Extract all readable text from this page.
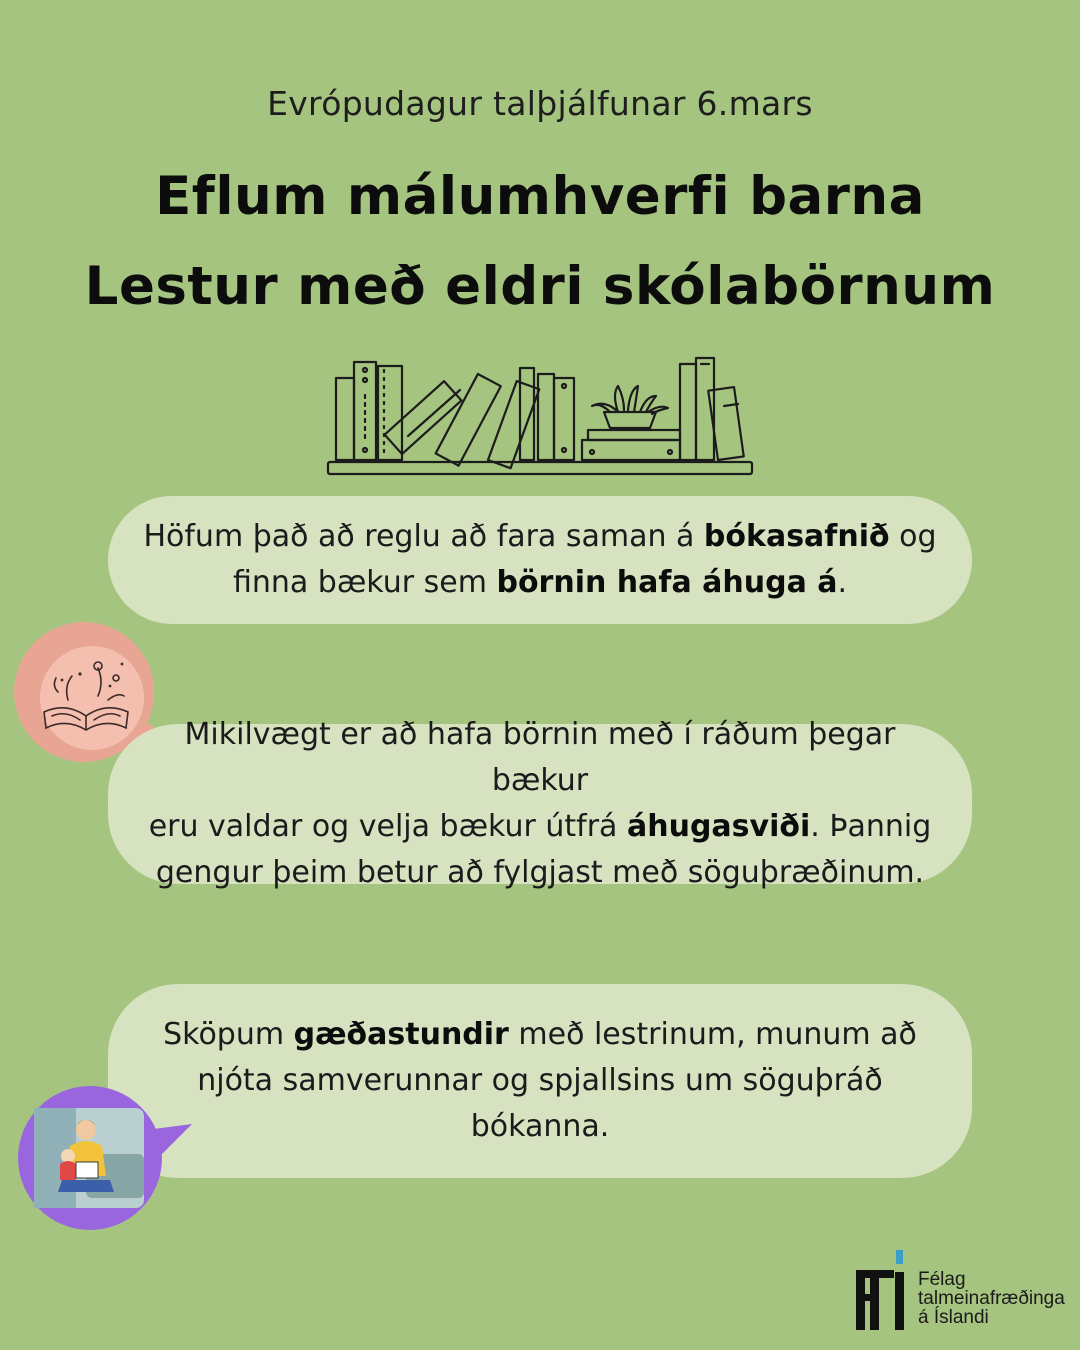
Evrópudagur talþjálfunar 6.mars
Eflum málumhverfi barna
Lestur með eldri skólabörnum

Höfum það að reglu að fara saman á bókasafnið og
finna bækur sem börnin hafa áhuga á.

Mikilvægt er að hafa börnin með í ráðum þegar bækur
eru valdar og velja bækur útfrá áhugasviði. Þannig
gengur þeim betur að fylgjast með söguþræðinum.

Sköpum gæðastundir með lestrinum, munum að
njóta samverunnar og spjallsins um söguþráð
bókanna.

Félag
talmeinafræðinga
á Íslandi
